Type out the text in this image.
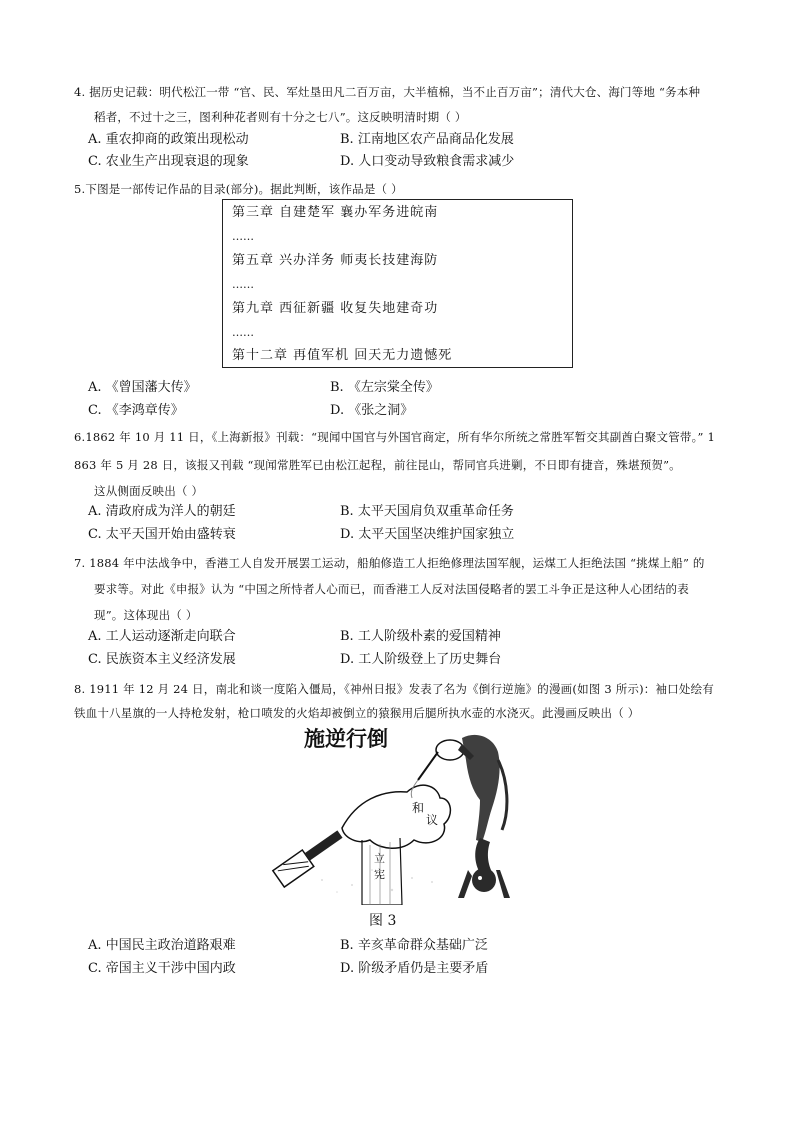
4. 据历史记载：明代松江一带 “官、民、军灶垦田凡二百万亩，大半植棉，当不止百万亩”；清代大仓、海门等地 “务本种
稻者，不过十之三，图利种花者则有十分之七八”。这反映明清时期（ ）
A. 重农抑商的政策出现松动	B. 江南地区农产品商品化发展
C. 农业生产出现衰退的现象	D. 人口变动导致粮食需求减少
5.下图是一部传记作品的目录(部分)。据此判断，该作品是（ ）
第三章 自建楚军 襄办军务进皖南
……
第五章 兴办洋务 师夷长技建海防
……
第九章 西征新疆 收复失地建奇功
……
第十二章 再值军机 回天无力遗憾死
A. 《曾国藩大传》	B. 《左宗棠全传》
C. 《李鸿章传》	D. 《张之洞》
6.1862 年 10 月 11 日，《上海新报》刊载：“现闻中国官与外国官商定，所有华尔所统之常胜军暂交其副酋白聚文管带。” 1
863 年 5 月 28 日，该报又刊载 “现闻常胜军已由松江起程，前往昆山，帮同官兵进剿，不日即有捷音，殊堪预贺”。
这从侧面反映出（ ）
A. 清政府成为洋人的朝廷	B. 太平天国肩负双重革命任务
C. 太平天国开始由盛转衰	D. 太平天国坚决维护国家独立
7. 1884 年中法战争中，香港工人自发开展罢工运动，船舶修造工人拒绝修理法国军舰，运煤工人拒绝法国 “挑煤上船” 的
要求等。对此《申报》认为 “中国之所恃者人心而已，而香港工人反对法国侵略者的罢工斗争正是这种人心团结的表
现”。这体现出（ ）
A. 工人运动逐渐走向联合	B. 工人阶级朴素的爱国精神
C. 民族资本主义经济发展	D. 工人阶级登上了历史舞台
8. 1911 年 12 月 24 日，南北和谈一度陷入僵局，《神州日报》发表了名为《倒行逆施》的漫画(如图 3 所示)：袖口处绘有
铁血十八星旗的一人持枪发射，枪口喷发的火焰却被倒立的猿猴用后腿所执水壶的水浇灭。此漫画反映出（ ）
施逆行倒
和
议
立
宪
图 3
A. 中国民主政治道路艰难	B. 辛亥革命群众基础广泛
C. 帝国主义干涉中国内政	D. 阶级矛盾仍是主要矛盾
